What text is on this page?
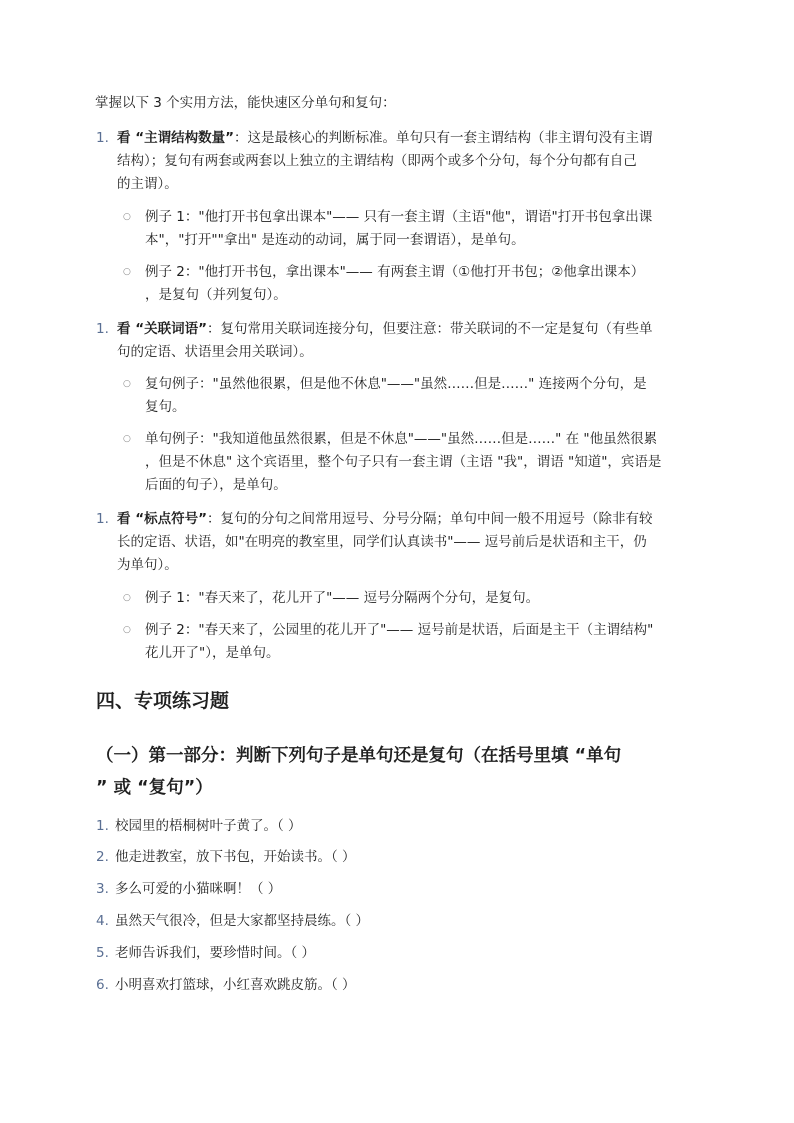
掌握以下 3 个实用方法，能快速区分单句和复句：
1. 看 “主谓结构数量”：这是最核心的判断标准。单句只有一套主谓结构（非主谓句没有主谓
结构）；复句有两套或两套以上独立的主谓结构（即两个或多个分句，每个分句都有自己
的主谓）。
○ 例子 1："他打开书包拿出课本"—— 只有一套主谓（主语"他"，谓语"打开书包拿出课
本"，"打开""拿出" 是连动的动词，属于同一套谓语），是单句。
○ 例子 2："他打开书包，拿出课本"—— 有两套主谓（①他打开书包；②他拿出课本）
，是复句（并列复句）。
1. 看 “关联词语”：复句常用关联词连接分句，但要注意：带关联词的不一定是复句（有些单
句的定语、状语里会用关联词）。
○ 复句例子："虽然他很累，但是他不休息"——"虽然……但是……" 连接两个分句，是
复句。
○ 单句例子："我知道他虽然很累，但是不休息"——"虽然……但是……" 在 "他虽然很累
，但是不休息" 这个宾语里，整个句子只有一套主谓（主语 "我"，谓语 "知道"，宾语是
后面的句子），是单句。
1. 看 “标点符号”：复句的分句之间常用逗号、分号分隔；单句中间一般不用逗号（除非有较
长的定语、状语，如"在明亮的教室里，同学们认真读书"—— 逗号前后是状语和主干，仍
为单句）。
○ 例子 1："春天来了，花儿开了"—— 逗号分隔两个分句，是复句。
○ 例子 2："春天来了，公园里的花儿开了"—— 逗号前是状语，后面是主干（主谓结构"
花儿开了"），是单句。
四、专项练习题
（一）第一部分：判断下列句子是单句还是复句（在括号里填 “单句
” 或 “复句”）
1. 校园里的梧桐树叶子黄了。（ ）
2. 他走进教室，放下书包，开始读书。（ ）
3. 多么可爱的小猫咪啊！（ ）
4. 虽然天气很冷，但是大家都坚持晨练。（ ）
5. 老师告诉我们，要珍惜时间。（ ）
6. 小明喜欢打篮球，小红喜欢跳皮筋。（ ）
